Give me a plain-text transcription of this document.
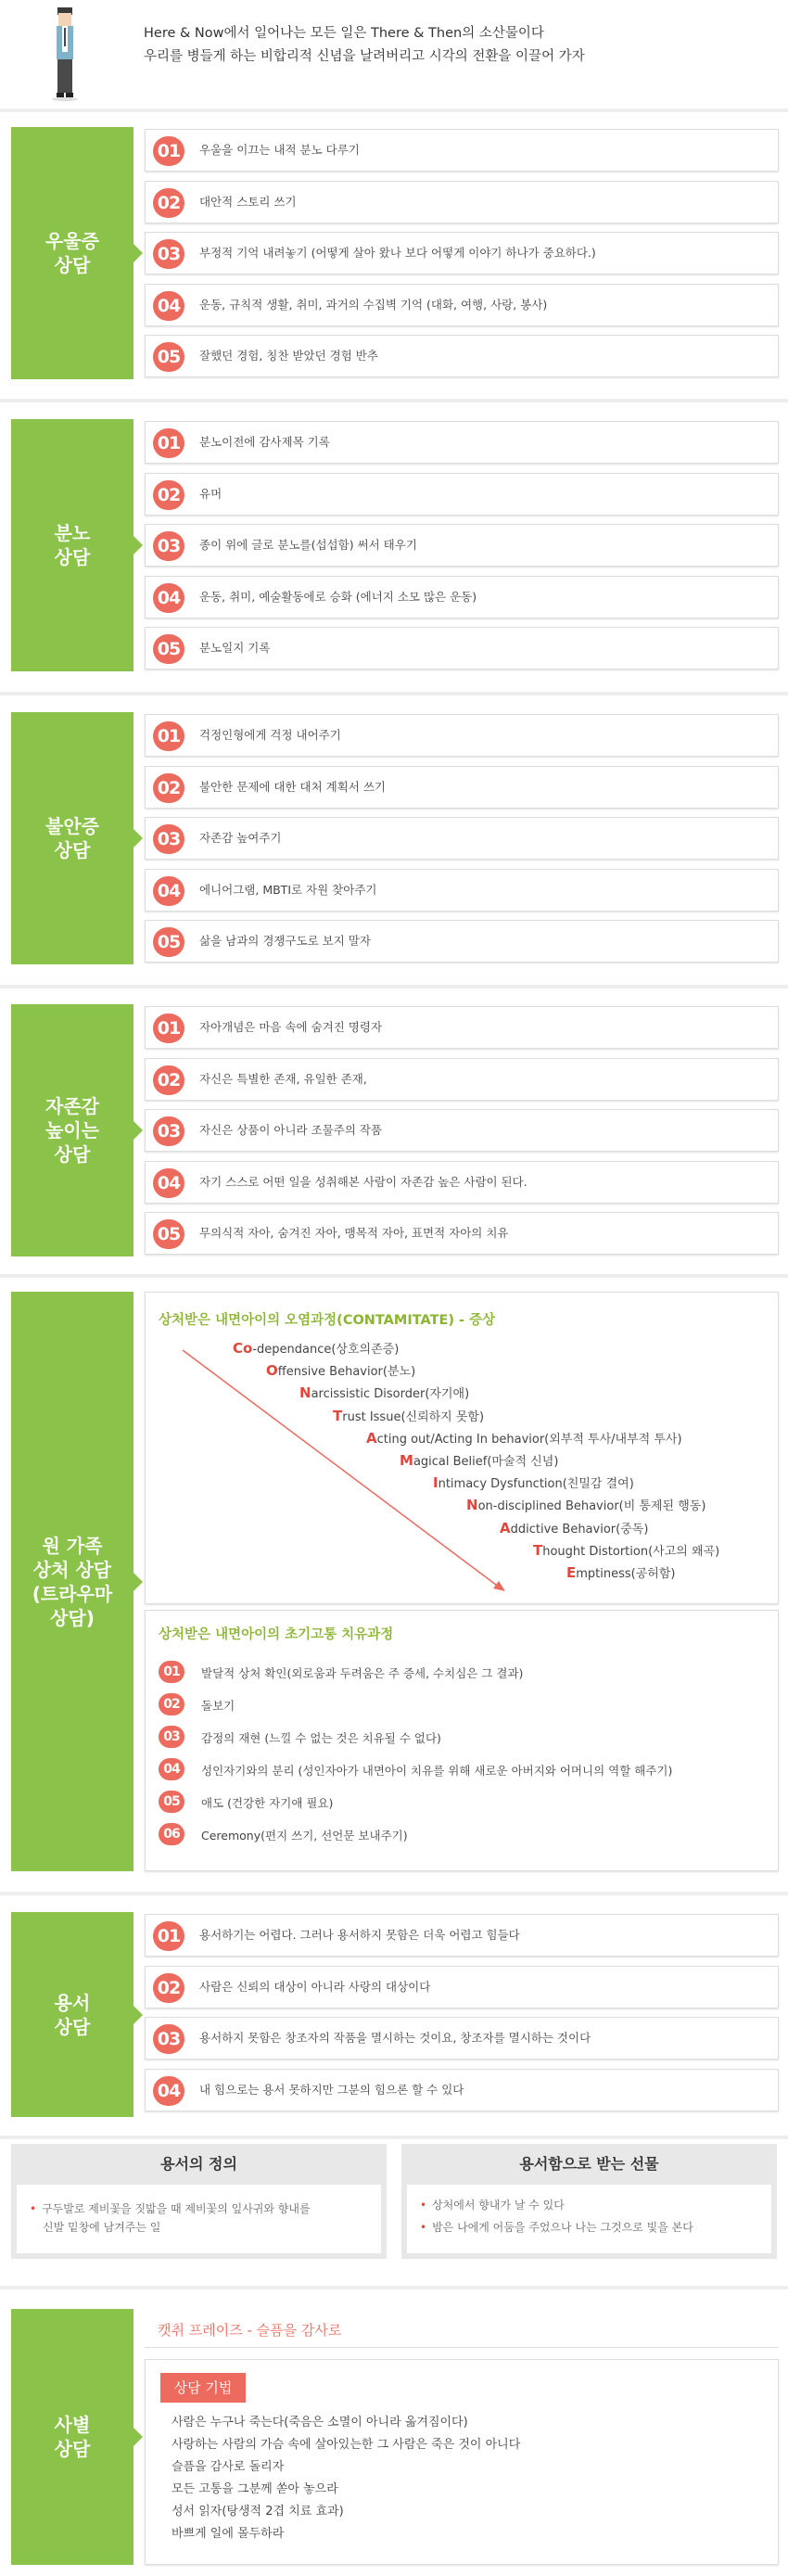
Here & Now에서 일어나는 모든 일은 There & Then의 소산물이다
우리를 병들게 하는 비합리적 신념을 날려버리고 시각의 전환을 이끌어 가자
우울증
상담
01	우울을 이끄는 내적 분노 다루기
02	대안적 스토리 쓰기
03	부정적 기억 내려놓기 (어떻게 살아 왔나 보다 어떻게 이야기 하나가 중요하다.)
04	운동, 규칙적 생활, 취미, 과거의 수집벽 기억 (대화, 여행, 사랑, 봉사)
05	잘했던 경험, 칭찬 받았던 경험 반추
분노
상담
01	분노이전에 감사제목 기록
02	유머
03	종이 위에 글로 분노를(섭섭함) 써서 태우기
04	운동, 취미, 예술활동에로 승화 (에너지 소모 많은 운동)
05	분노일지 기록
불안증
상담
01	걱정인형에게 걱정 내어주기
02	불안한 문제에 대한 대처 계획서 쓰기
03	자존감 높여주기
04	에니어그램, MBTI로 자원 찾아주기
05	삶을 남과의 경쟁구도로 보지 말자
자존감
높이는
상담
01	자아개념은 마음 속에 숨겨진 명령자
02	자신은 특별한 존재, 유일한 존재,
03	자신은 상품이 아니라 조물주의 작품
04	자기 스스로 어떤 일을 성취해본 사람이 자존감 높은 사람이 된다.
05	무의식적 자아, 숨겨진 자아, 맹목적 자아, 표면적 자아의 치유
원 가족
상처 상담
(트라우마
상담)
상처받은 내면아이의 오염과정(CONTAMITATE) - 증상
Co-dependance(상호의존증)
Offensive Behavior(분노)
Narcissistic Disorder(자기애)
Trust Issue(신뢰하지 못함)
Acting out/Acting In behavior(외부적 투사/내부적 투사)
Magical Belief(마술적 신념)
Intimacy Dysfunction(친밀감 결여)
Non-disciplined Behavior(비 통제된 행동)
Addictive Behavior(중독)
Thought Distortion(사고의 왜곡)
Emptiness(공허함)
상처받은 내면아이의 초기고통 치유과정
01	발달적 상처 확인(외로움과 두려움은 주 증세, 수치심은 그 결과)
02	돌보기
03	감정의 재현 (느낄 수 없는 것은 치유될 수 없다)
04	성인자기와의 분리 (성인자아가 내면아이 치유를 위해 새로운 아버지와 어머니의 역할 해주기)
05	애도 (건강한 자기애 필요)
06	Ceremony(편지 쓰기, 선언문 보내주기)
용서
상담
01	용서하기는 어렵다. 그러나 용서하지 못함은 더욱 어렵고 힘들다
02	사람은 신뢰의 대상이 아니라 사랑의 대상이다
03	용서하지 못함은 창조자의 작품을 멸시하는 것이요, 창조자를 멸시하는 것이다
04	내 힘으로는 용서 못하지만 그분의 힘으론 할 수 있다
용서의 정의
• 구두발로 제비꽃을 짓밟을 때 제비꽃의 잎사귀와 향내를
신발 밑창에 남겨주는 일
용서함으로 받는 선물
• 상처에서 향내가 날 수 있다
• 밤은 나에게 어둠을 주었으나 나는 그것으로 빛을 본다
사별
상담
캣취 프레이즈 - 슬픔을 감사로
상담 기법
사람은 누구나 죽는다(죽음은 소멸이 아니라 옮겨짐이다)
사랑하는 사람의 가슴 속에 살아있는한 그 사람은 죽은 것이 아니다
슬픔을 감사로 돌리자
모든 고통을 그분께 쏟아 놓으라
성서 읽자(탕생적 2겹 치료 효과)
바쁘게 일에 몰두하라
